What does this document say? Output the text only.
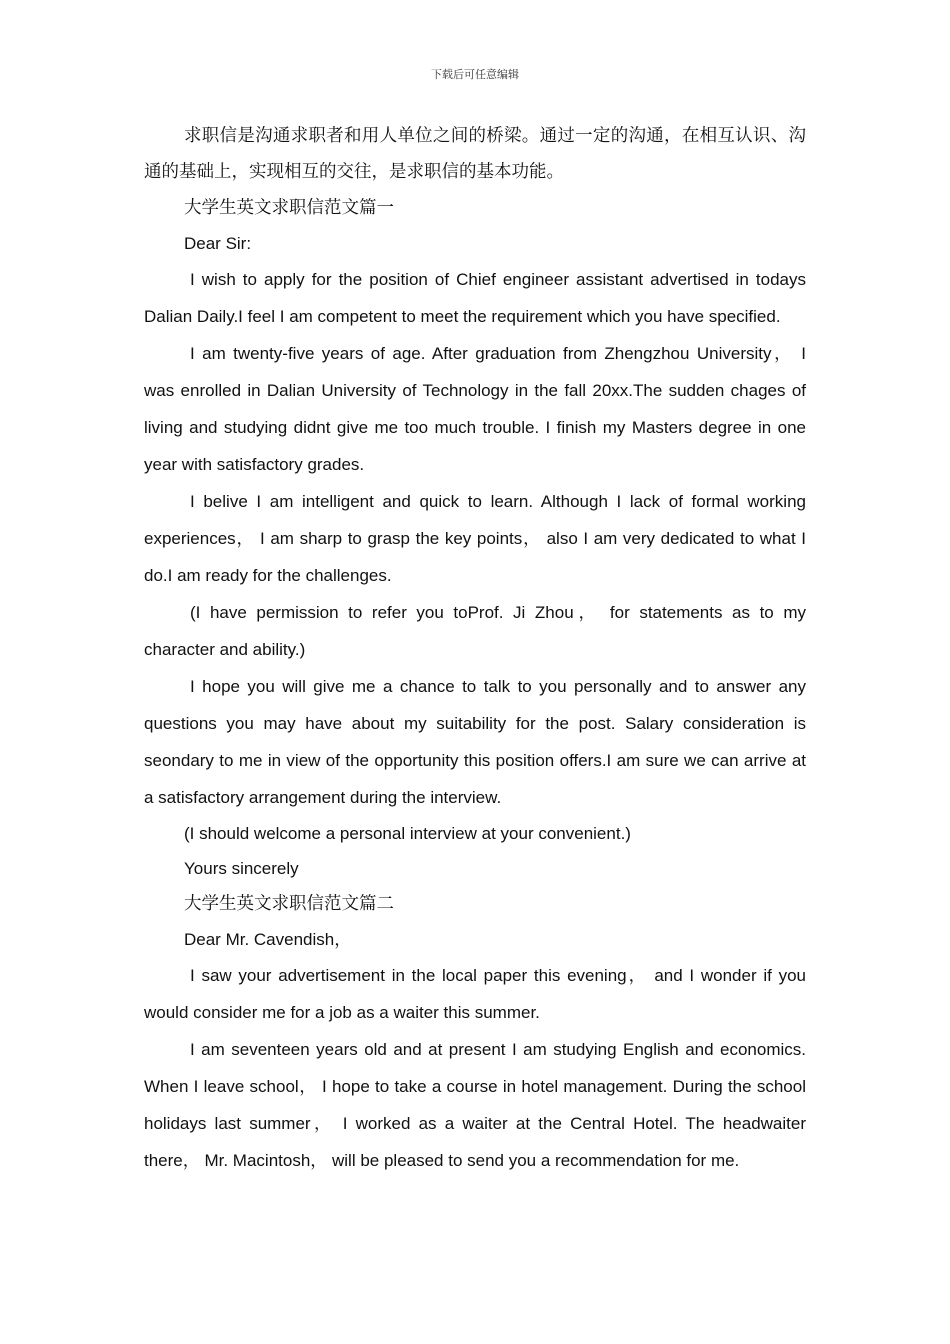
下载后可任意编辑

求职信是沟通求职者和用人单位之间的桥梁。通过一定的沟通，在相互认识、沟通的基础上，实现相互的交往，是求职信的基本功能。

大学生英文求职信范文篇一

Dear Sir:

I wish to apply for the position of Chief engineer assistant advertised in todays Dalian Daily.I feel I am competent to meet the requirement which you have specified.

I am twenty-five years of age. After graduation from Zhengzhou University， I was enrolled in Dalian University of Technology in the fall 20xx.The sudden chages of living and studying didnt give me too much trouble. I finish my Masters degree in one year with satisfactory grades.

I belive I am intelligent and quick to learn. Although I lack of formal working experiences， I am sharp to grasp the key points， also I am very dedicated to what I do.I am ready for the challenges.

(I have permission to refer you toProf. Ji Zhou， for statements as to my character and ability.)

I hope you will give me a chance to talk to you personally and to answer any questions you may have about my suitability for the post. Salary consideration is seondary to me in view of the opportunity this position offers.I am sure we can arrive at a satisfactory arrangement during the interview.

(I should welcome a personal interview at your convenient.)

Yours sincerely

大学生英文求职信范文篇二

Dear Mr. Cavendish，

I saw your advertisement in the local paper this evening， and I wonder if you would consider me for a job as a waiter this summer.

I am seventeen years old and at present I am studying English and economics. When I leave school， I hope to take a course in hotel management. During the school holidays last summer， I worked as a waiter at the Central Hotel. The headwaiter there， Mr. Macintosh， will be pleased to send you a recommendation for me.
